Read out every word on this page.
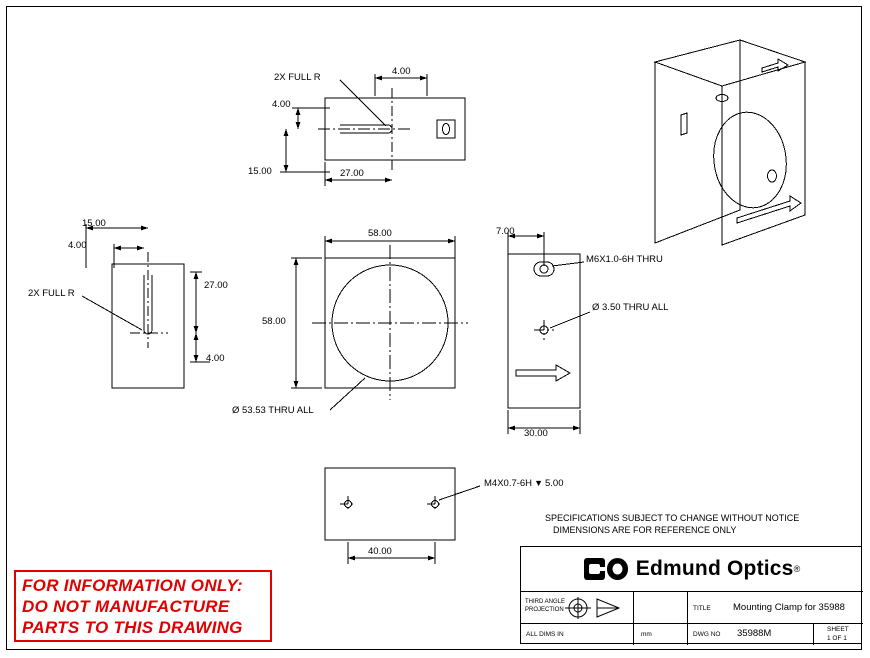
2X FULL R
4.00
4.00
15.00	27.00
15.00
4.00
2X FULL R
27.00
4.00
58.00
58.00
Ø 53.53 THRU ALL
7.00
M6X1.0-6H THRU
Ø 3.50 THRU ALL
30.00
M4X0.7-6H ▼ 5.00
40.00
SPECIFICATIONS SUBJECT TO CHANGE WITHOUT NOTICE
DIMENSIONS ARE FOR REFERENCE ONLY
FOR INFORMATION ONLY:
DO NOT MANUFACTURE
PARTS TO THIS DRAWING
Edmund Optics ®
THIRD ANGLE
PROJECTION	TITLE Mounting Clamp for 35988
ALL DIMS IN	mm	DWG NO 35988M	SHEET
1 OF 1
